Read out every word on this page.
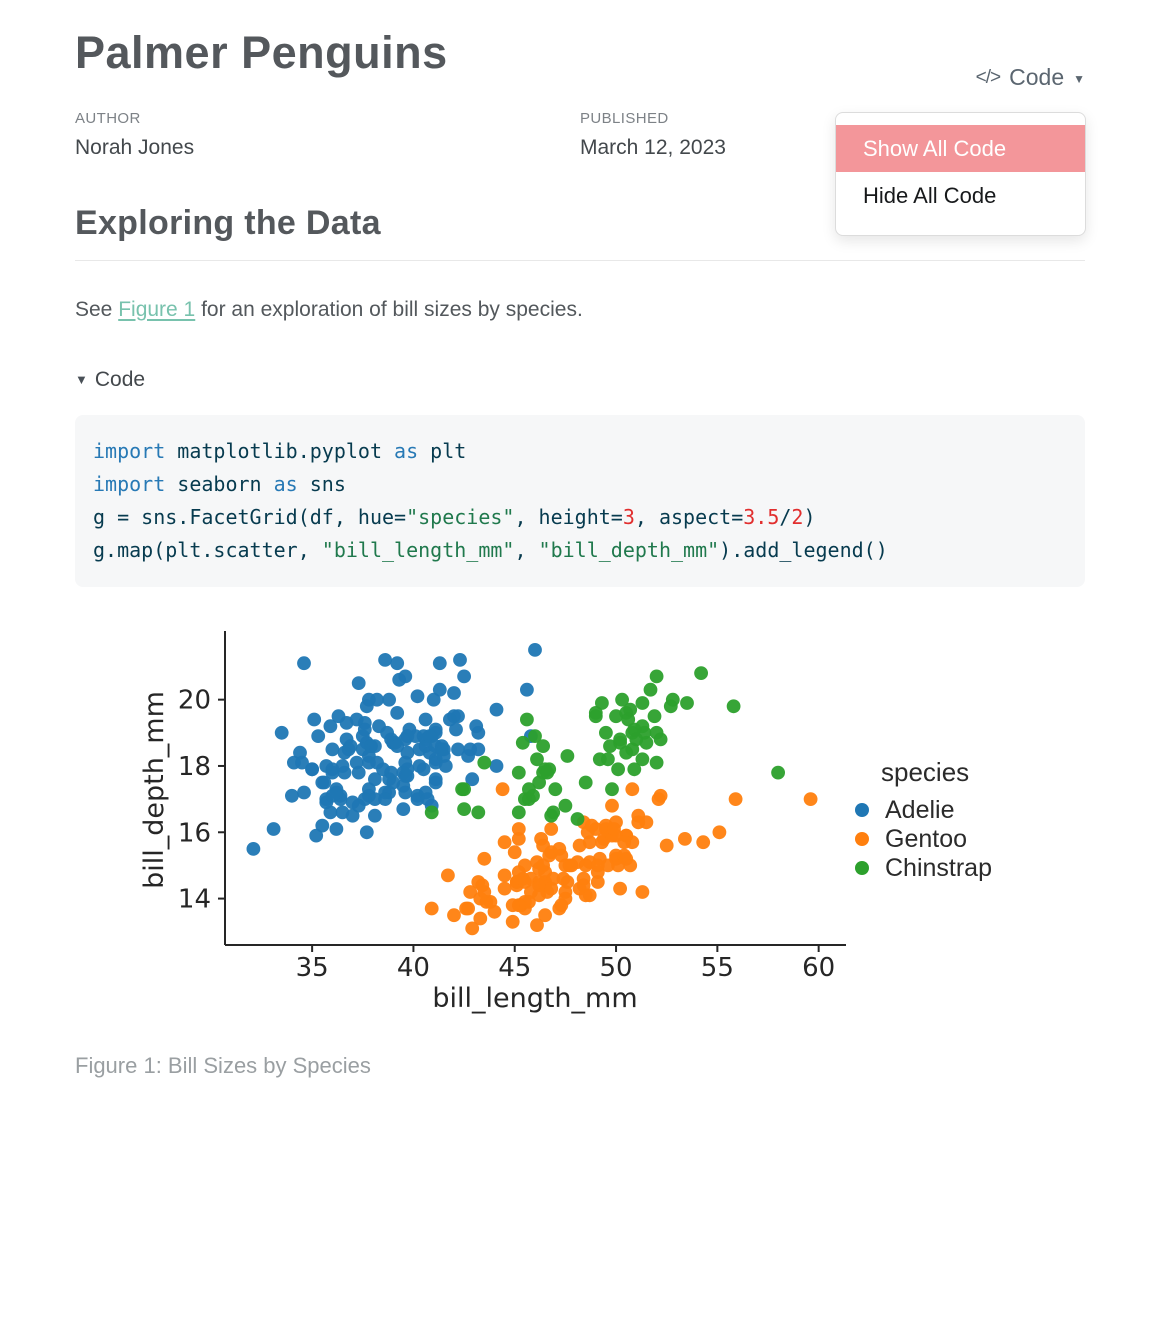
Palmer Penguins	</> Code ▼
Show All Code
Hide All Code
AUTHOR
Norah Jones
PUBLISHED
March 12, 2023
Exploring the Data

See Figure 1 for an exploration of bill sizes by species.

▼ Code
import matplotlib.pyplot as plt
import seaborn as sns
g = sns.FacetGrid(df, hue="species", height=3, aspect=3.5/2)
g.map(plt.scatter, "bill_length_mm", "bill_depth_mm").add_legend()
35	40	45	50	55	60
14
16
18
20
bill_length_mm
bill_depth_mm	species
Adelie
Gentoo
Chinstrap
Figure 1: Bill Sizes by Species
